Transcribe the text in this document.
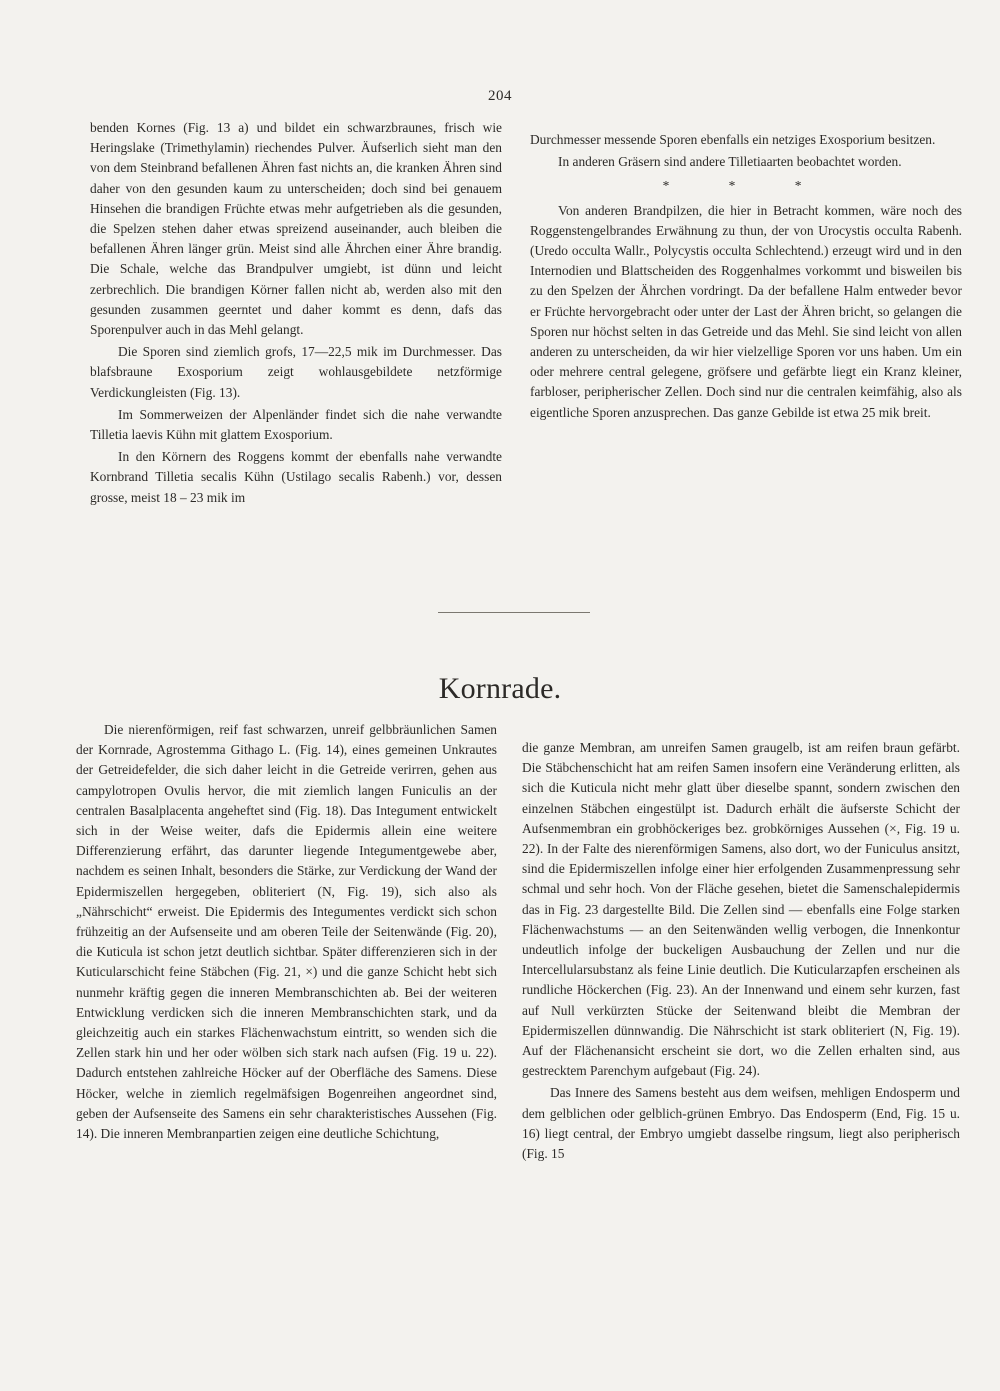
204

benden Kornes (Fig. 13 a) und bildet ein schwarzbraunes, frisch wie Heringslake (Trimethylamin) riechendes Pulver. Äufserlich sieht man den von dem Steinbrand befallenen Ähren fast nichts an, die kranken Ähren sind daher von den gesunden kaum zu unterscheiden; doch sind bei genauem Hinsehen die brandigen Früchte etwas mehr aufgetrieben als die gesunden, die Spelzen stehen daher etwas spreizend auseinander, auch bleiben die befallenen Ähren länger grün. Meist sind alle Ährchen einer Ähre brandig. Die Schale, welche das Brandpulver umgiebt, ist dünn und leicht zerbrechlich. Die brandigen Körner fallen nicht ab, werden also mit den gesunden zusammen geerntet und daher kommt es denn, dafs das Sporenpulver auch in das Mehl gelangt.

Die Sporen sind ziemlich grofs, 17—22,5 mik im Durchmesser. Das blafsbraune Exosporium zeigt wohlausgebildete netzförmige Verdickungleisten (Fig. 13).

Im Sommerweizen der Alpenländer findet sich die nahe verwandte Tilletia laevis Kühn mit glattem Exosporium.

In den Körnern des Roggens kommt der ebenfalls nahe verwandte Kornbrand Tilletia secalis Kühn (Ustilago secalis Rabenh.) vor, dessen grosse, meist 18 – 23 mik im

Durchmesser messende Sporen ebenfalls ein netziges Exosporium besitzen.

In anderen Gräsern sind andere Tilletiaarten beobachtet worden.

* * *

Von anderen Brandpilzen, die hier in Betracht kommen, wäre noch des Roggenstengelbrandes Erwähnung zu thun, der von Urocystis occulta Rabenh. (Uredo occulta Wallr., Polycystis occulta Schlechtend.) erzeugt wird und in den Internodien und Blattscheiden des Roggenhalmes vorkommt und bisweilen bis zu den Spelzen der Ährchen vordringt. Da der befallene Halm entweder bevor er Früchte hervorgebracht oder unter der Last der Ähren bricht, so gelangen die Sporen nur höchst selten in das Getreide und das Mehl. Sie sind leicht von allen anderen zu unterscheiden, da wir hier vielzellige Sporen vor uns haben. Um ein oder mehrere central gelegene, gröfsere und gefärbte liegt ein Kranz kleiner, farbloser, peripherischer Zellen. Doch sind nur die centralen keimfähig, also als eigentliche Sporen anzusprechen. Das ganze Gebilde ist etwa 25 mik breit.

Kornrade.

Die nierenförmigen, reif fast schwarzen, unreif gelbbräunlichen Samen der Kornrade, Agrostemma Githago L. (Fig. 14), eines gemeinen Unkrautes der Getreidefelder, die sich daher leicht in die Getreide verirren, gehen aus campylotropen Ovulis hervor, die mit ziemlich langen Funiculis an der centralen Basalplacenta angeheftet sind (Fig. 18). Das Integument entwickelt sich in der Weise weiter, dafs die Epidermis allein eine weitere Differenzierung erfährt, das darunter liegende Integumentgewebe aber, nachdem es seinen Inhalt, besonders die Stärke, zur Verdickung der Wand der Epidermiszellen hergegeben, obliteriert (N, Fig. 19), sich also als „Nährschicht“ erweist. Die Epidermis des Integumentes verdickt sich schon frühzeitig an der Aufsenseite und am oberen Teile der Seitenwände (Fig. 20), die Kuticula ist schon jetzt deutlich sichtbar. Später differenzieren sich in der Kuticularschicht feine Stäbchen (Fig. 21, ×) und die ganze Schicht hebt sich nunmehr kräftig gegen die inneren Membranschichten ab. Bei der weiteren Entwicklung verdicken sich die inneren Membranschichten stark, und da gleichzeitig auch ein starkes Flächenwachstum eintritt, so wenden sich die Zellen stark hin und her oder wölben sich stark nach aufsen (Fig. 19 u. 22). Dadurch entstehen zahlreiche Höcker auf der Oberfläche des Samens. Diese Höcker, welche in ziemlich regelmäfsigen Bogenreihen angeordnet sind, geben der Aufsenseite des Samens ein sehr charakteristisches Aussehen (Fig. 14). Die inneren Membranpartien zeigen eine deutliche Schichtung,

die ganze Membran, am unreifen Samen graugelb, ist am reifen braun gefärbt. Die Stäbchenschicht hat am reifen Samen insofern eine Veränderung erlitten, als sich die Kuticula nicht mehr glatt über dieselbe spannt, sondern zwischen den einzelnen Stäbchen eingestülpt ist. Dadurch erhält die äufserste Schicht der Aufsenmembran ein grobhöckeriges bez. grobkörniges Aussehen (×, Fig. 19 u. 22). In der Falte des nierenförmigen Samens, also dort, wo der Funiculus ansitzt, sind die Epidermiszellen infolge einer hier erfolgenden Zusammenpressung sehr schmal und sehr hoch. Von der Fläche gesehen, bietet die Samenschalepidermis das in Fig. 23 dargestellte Bild. Die Zellen sind — ebenfalls eine Folge starken Flächenwachstums — an den Seitenwänden wellig verbogen, die Innenkontur undeutlich infolge der buckeligen Ausbauchung der Zellen und nur die Intercellularsubstanz als feine Linie deutlich. Die Kuticularzapfen erscheinen als rundliche Höckerchen (Fig. 23). An der Innenwand und einem sehr kurzen, fast auf Null verkürzten Stücke der Seitenwand bleibt die Membran der Epidermiszellen dünnwandig. Die Nährschicht ist stark obliteriert (N, Fig. 19). Auf der Flächenansicht erscheint sie dort, wo die Zellen erhalten sind, aus gestrecktem Parenchym aufgebaut (Fig. 24).

Das Innere des Samens besteht aus dem weifsen, mehligen Endosperm und dem gelblichen oder gelblich-grünen Embryo. Das Endosperm (End, Fig. 15 u. 16) liegt central, der Embryo umgiebt dasselbe ringsum, liegt also peripherisch (Fig. 15
